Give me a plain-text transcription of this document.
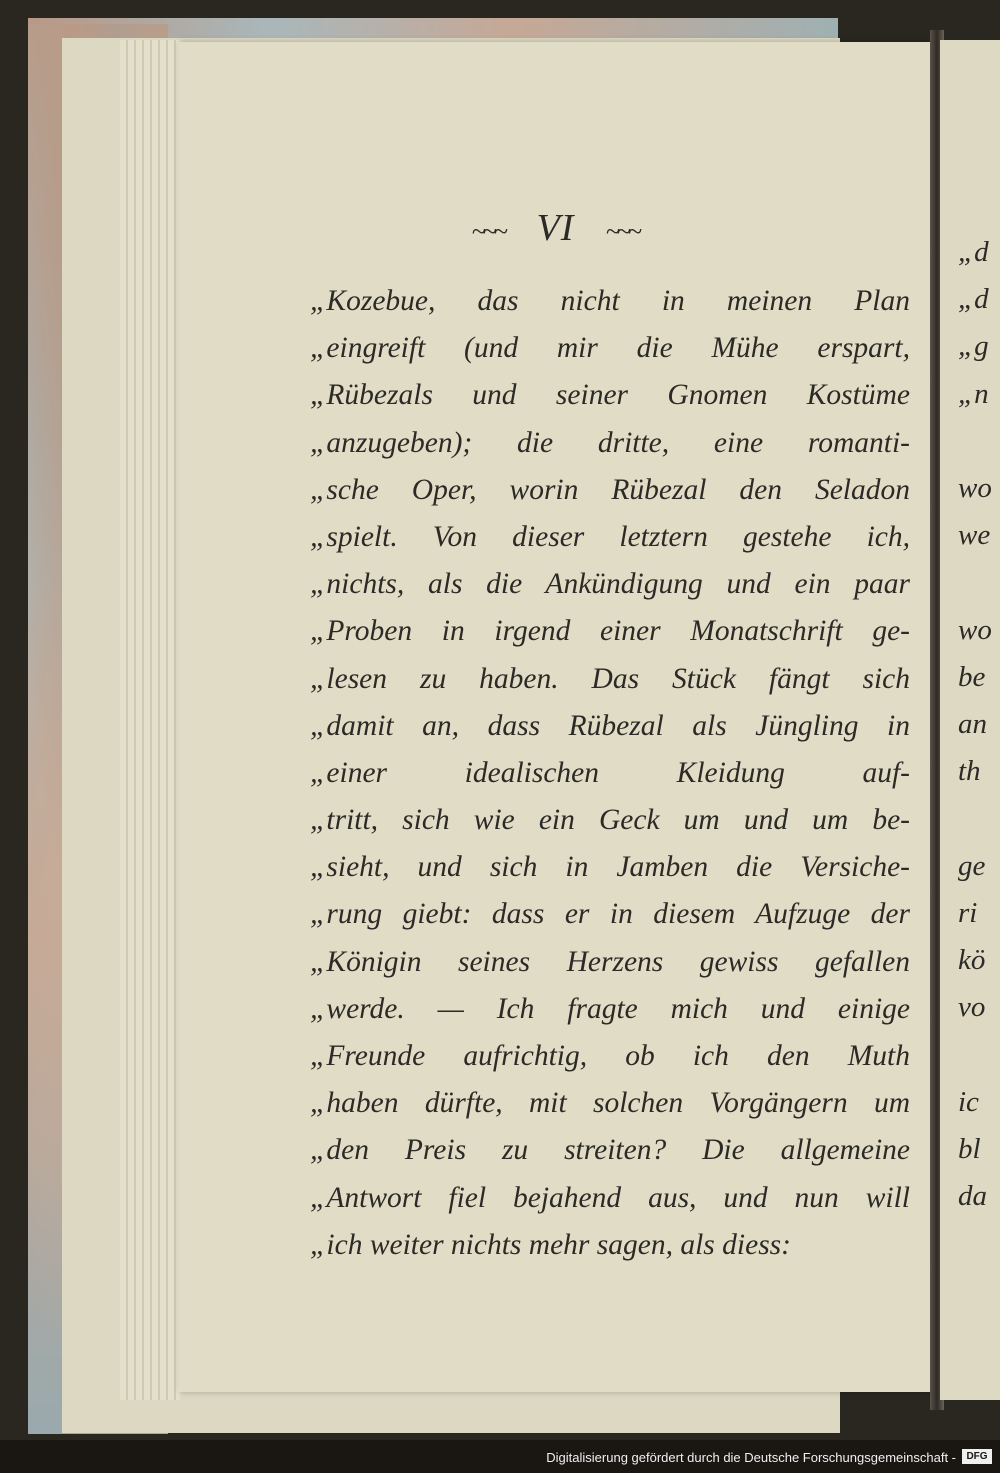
~~~ VI ~~~
„Kozebue, das nicht in meinen Plan
„eingreift (und mir die Mühe erspart,
„Rübezals und seiner Gnomen Kostüme
„anzugeben); die dritte, eine romanti-
„sche Oper, worin Rübezal den Seladon
„spielt. Von dieser letztern gestehe ich,
„nichts, als die Ankündigung und ein paar
„Proben in irgend einer Monatschrift ge-
„lesen zu haben. Das Stück fängt sich
„damit an, dass Rübezal als Jüngling in
„einer idealischen Kleidung auf-
„tritt, sich wie ein Geck um und um be-
„sieht, und sich in Jamben die Versiche-
„rung giebt: dass er in diesem Aufzuge der
„Königin seines Herzens gewiss gefallen
„werde. — Ich fragte mich und einige
„Freunde aufrichtig, ob ich den Muth
„haben dürfte, mit solchen Vorgängern um
„den Preis zu streiten? Die allgemeine
„Antwort fiel bejahend aus, und nun will
„ich weiter nichts mehr sagen, als diess:
„d
„d
„g
„n
wo
we
wo
be
an
th
ge
ri
kö
vo
ic
bl
da
Digitalisierung gefördert durch die Deutsche Forschungsgemeinschaft -	DFG
